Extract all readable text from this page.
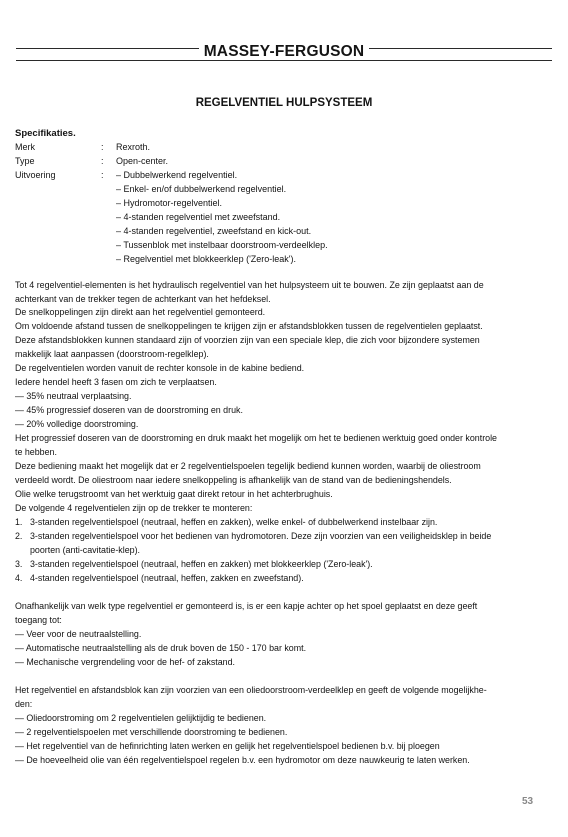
MASSEY-FERGUSON
REGELVENTIEL HULPSYSTEEM
Specifikaties.
Merk	: Rexroth.
Type	: Open-center.
Uitvoering	: – Dubbelwerkend regelventiel.
– Enkel- en/of dubbelwerkend regelventiel.
– Hydromotor-regelventiel.
– 4-standen regelventiel met zweefstand.
– 4-standen regelventiel, zweefstand en kick-out.
– Tussenblok met instelbaar doorstroom-verdeelklep.
– Regelventiel met blokkeerklep ('Zero-leak').
Tot 4 regelventiel-elementen is het hydraulisch regelventiel van het hulpsysteem uit te bouwen. Ze zijn geplaatst aan de
achterkant van de trekker tegen de achterkant van het hefdeksel.
De snelkoppelingen zijn direkt aan het regelventiel gemonteerd.
Om voldoende afstand tussen de snelkoppelingen te krijgen zijn er afstandsblokken tussen de regelventielen geplaatst.
Deze afstandsblokken kunnen standaard zijn of voorzien zijn van een speciale klep, die zich voor bijzondere systemen
makkelijk laat aanpassen (doorstroom-regelklep).
De regelventielen worden vanuit de rechter konsole in de kabine bediend.
Iedere hendel heeft 3 fasen om zich te verplaatsen.
— 35% neutraal verplaatsing.
— 45% progressief doseren van de doorstroming en druk.
— 20% volledige doorstroming.
Het progressief doseren van de doorstroming en druk maakt het mogelijk om het te bedienen werktuig goed onder kontrole
te hebben.
Deze bediening maakt het mogelijk dat er 2 regelventielspoelen tegelijk bediend kunnen worden, waarbij de oliestroom
verdeeld wordt. De oliestroom naar iedere snelkoppeling is afhankelijk van de stand van de bedieningshendels.
Olie welke terugstroomt van het werktuig gaat direkt retour in het achterbrughuis.
De volgende 4 regelventielen zijn op de trekker te monteren:
1. 3-standen regelventielspoel (neutraal, heffen en zakken), welke enkel- of dubbelwerkend instelbaar zijn.
2. 3-standen regelventielspoel voor het bedienen van hydromotoren. Deze zijn voorzien van een veiligheidsklep in beide
poorten (anti-cavitatie-klep).
3. 3-standen regelventielspoel (neutraal, heffen en zakken) met blokkeerklep ('Zero-leak').
4. 4-standen regelventielspoel (neutraal, heffen, zakken en zweefstand).
Onafhankelijk van welk type regelventiel er gemonteerd is, is er een kapje achter op het spoel geplaatst en deze geeft
toegang tot:
— Veer voor de neutraalstelling.
— Automatische neutraalstelling als de druk boven de 150 - 170 bar komt.
— Mechanische vergrendeling voor de hef- of zakstand.
Het regelventiel en afstandsblok kan zijn voorzien van een oliedoorstroom-verdeelklep en geeft de volgende mogelijkhe-
den:
— Oliedoorstroming om 2 regelventielen gelijktijdig te bedienen.
— 2 regelventielspoelen met verschillende doorstroming te bedienen.
— Het regelventiel van de hefinrichting laten werken en gelijk het regelventielspoel bedienen b.v. bij ploegen
— De hoeveelheid olie van één regelventielspoel regelen b.v. een hydromotor om deze nauwkeurig te laten werken.
53
